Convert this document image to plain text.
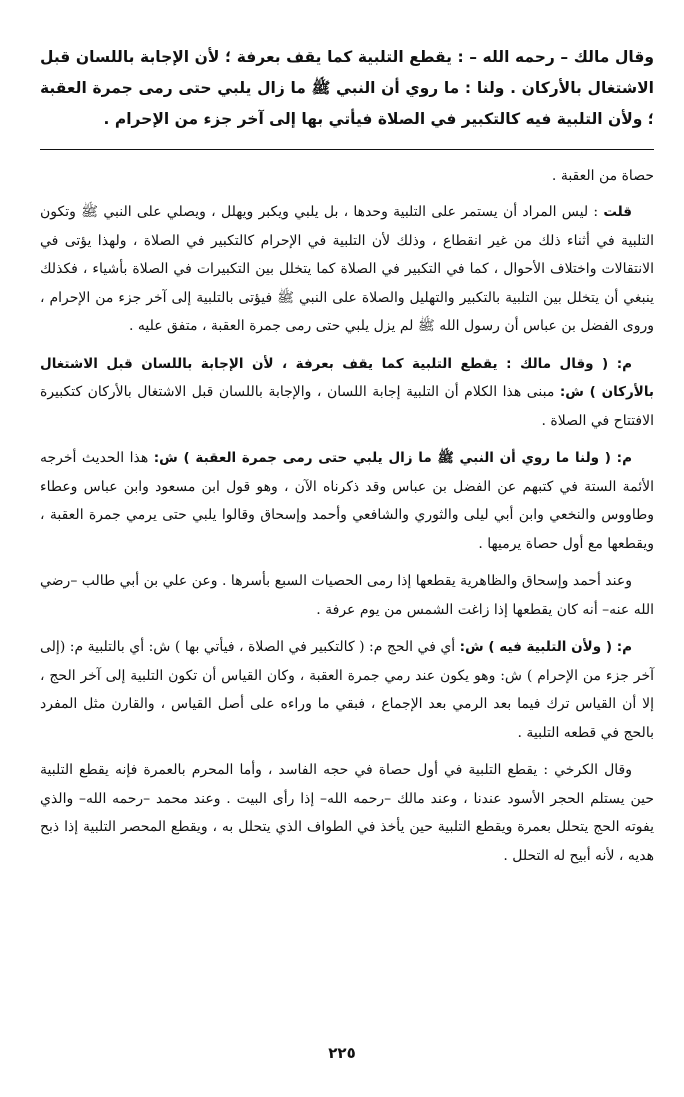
وقال مالك – رحمه الله – : يقطع التلبية كما يقف بعرفة ؛ لأن الإجابة باللسان قبل الاشتغال بالأركان . ولنا : ما روي أن النبي ﷺ ما زال يلبي حتى رمى جمرة العقبة ؛ ولأن التلبية فيه كالتكبير في الصلاة فيأتي بها إلى آخر جزء من الإحرام .

حصاة من العقبة .

قلت : ليس المراد أن يستمر على التلبية وحدها ، بل يلبي ويكبر ويهلل ، ويصلي على النبي ﷺ وتكون التلبية في أثناء ذلك من غير انقطاع ، وذلك لأن التلبية في الإحرام كالتكبير في الصلاة ، ولهذا يؤتى في الانتقالات واختلاف الأحوال ، كما في التكبير في الصلاة كما يتخلل بين التكبيرات في الصلاة بأشياء ، فكذلك ينبغي أن يتخلل بين التلبية بالتكبير والتهليل والصلاة على النبي ﷺ فيؤتى بالتلبية إلى آخر جزء من الإحرام ، وروى الفضل بن عباس أن رسول الله ﷺ لم يزل يلبي حتى رمى جمرة العقبة ، متفق عليه .

م: ( وقال مالك : يقطع التلبية كما يقف بعرفة ، لأن الإجابة باللسان قبل الاشتغال بالأركان ) ش: مبنى هذا الكلام أن التلبية إجابة اللسان ، والإجابة باللسان قبل الاشتغال بالأركان كتكبيرة الافتتاح في الصلاة .

م: ( ولنا ما روي أن النبي ﷺ ما زال يلبي حتى رمى جمرة العقبة ) ش: هذا الحديث أخرجه الأئمة الستة في كتبهم عن الفضل بن عباس وقد ذكرناه الآن ، وهو قول ابن مسعود وابن عباس وعطاء وطاووس والنخعي وابن أبي ليلى والثوري والشافعي وأحمد وإسحاق وقالوا يلبي حتى يرمي جمرة العقبة ، ويقطعها مع أول حصاة يرميها .

وعند أحمد وإسحاق والظاهرية يقطعها إذا رمى الحصيات السبع بأسرها . وعن علي بن أبي طالب –رضي الله عنه– أنه كان يقطعها إذا زاغت الشمس من يوم عرفة .

م: ( ولأن التلبية فيه ) ش: أي في الحج م: ( كالتكبير في الصلاة ، فيأتي بها ) ش: أي بالتلبية م: (إلى آخر جزء من الإحرام ) ش: وهو يكون عند رمي جمرة العقبة ، وكان القياس أن تكون التلبية إلى آخر الحج ، إلا أن القياس ترك فيما بعد الرمي بعد الإجماع ، فبقي ما وراءه على أصل القياس ، والقارن مثل المفرد بالحج في قطعه التلبية .

وقال الكرخي : يقطع التلبية في أول حصاة في حجه الفاسد ، وأما المحرم بالعمرة فإنه يقطع التلبية حين يستلم الحجر الأسود عندنا ، وعند مالك –رحمه الله– إذا رأى البيت . وعند محمد –رحمه الله– والذي يفوته الحج يتحلل بعمرة ويقطع التلبية حين يأخذ في الطواف الذي يتحلل به ، ويقطع المحصر التلبية إذا ذبح هديه ، لأنه أبيح له التحلل .

٢٢٥
